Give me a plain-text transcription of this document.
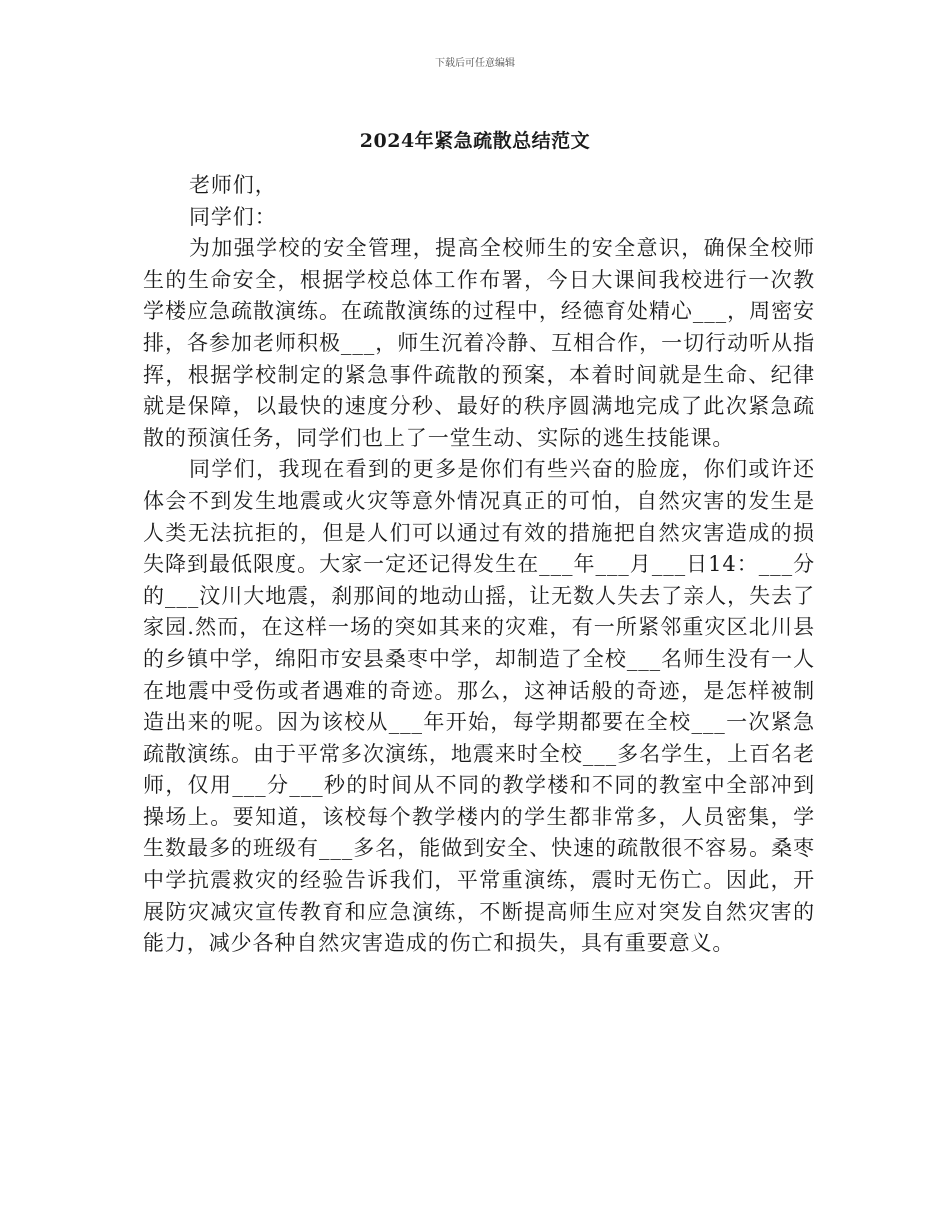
下载后可任意编辑
2024年紧急疏散总结范文

老师们，

同学们：

为加强学校的安全管理，提高全校师生的安全意识，确保全校师生的生命安全，根据学校总体工作布署，今日大课间我校进行一次教学楼应急疏散演练。在疏散演练的过程中，经德育处精心___，周密安排，各参加老师积极___，师生沉着冷静、互相合作，一切行动听从指挥，根据学校制定的紧急事件疏散的预案，本着时间就是生命、纪律就是保障，以最快的速度分秒、最好的秩序圆满地完成了此次紧急疏散的预演任务，同学们也上了一堂生动、实际的逃生技能课。

同学们，我现在看到的更多是你们有些兴奋的脸庞，你们或许还体会不到发生地震或火灾等意外情况真正的可怕，自然灾害的发生是人类无法抗拒的，但是人们可以通过有效的措施把自然灾害造成的损失降到最低限度。大家一定还记得发生在___年___月___日14：___分的___汶川大地震，刹那间的地动山摇，让无数人失去了亲人，失去了家园.然而，在这样一场的突如其来的灾难，有一所紧邻重灾区北川县的乡镇中学，绵阳市安县桑枣中学，却制造了全校___名师生没有一人在地震中受伤或者遇难的奇迹。那么，这神话般的奇迹，是怎样被制造出来的呢。因为该校从___年开始，每学期都要在全校___一次紧急疏散演练。由于平常多次演练，地震来时全校___多名学生，上百名老师，仅用___分___秒的时间从不同的教学楼和不同的教室中全部冲到操场上。要知道，该校每个教学楼内的学生都非常多，人员密集，学生数最多的班级有___多名，能做到安全、快速的疏散很不容易。桑枣中学抗震救灾的经验告诉我们，平常重演练，震时无伤亡。因此，开展防灾减灾宣传教育和应急演练，不断提高师生应对突发自然灾害的能力，减少各种自然灾害造成的伤亡和损失，具有重要意义。
